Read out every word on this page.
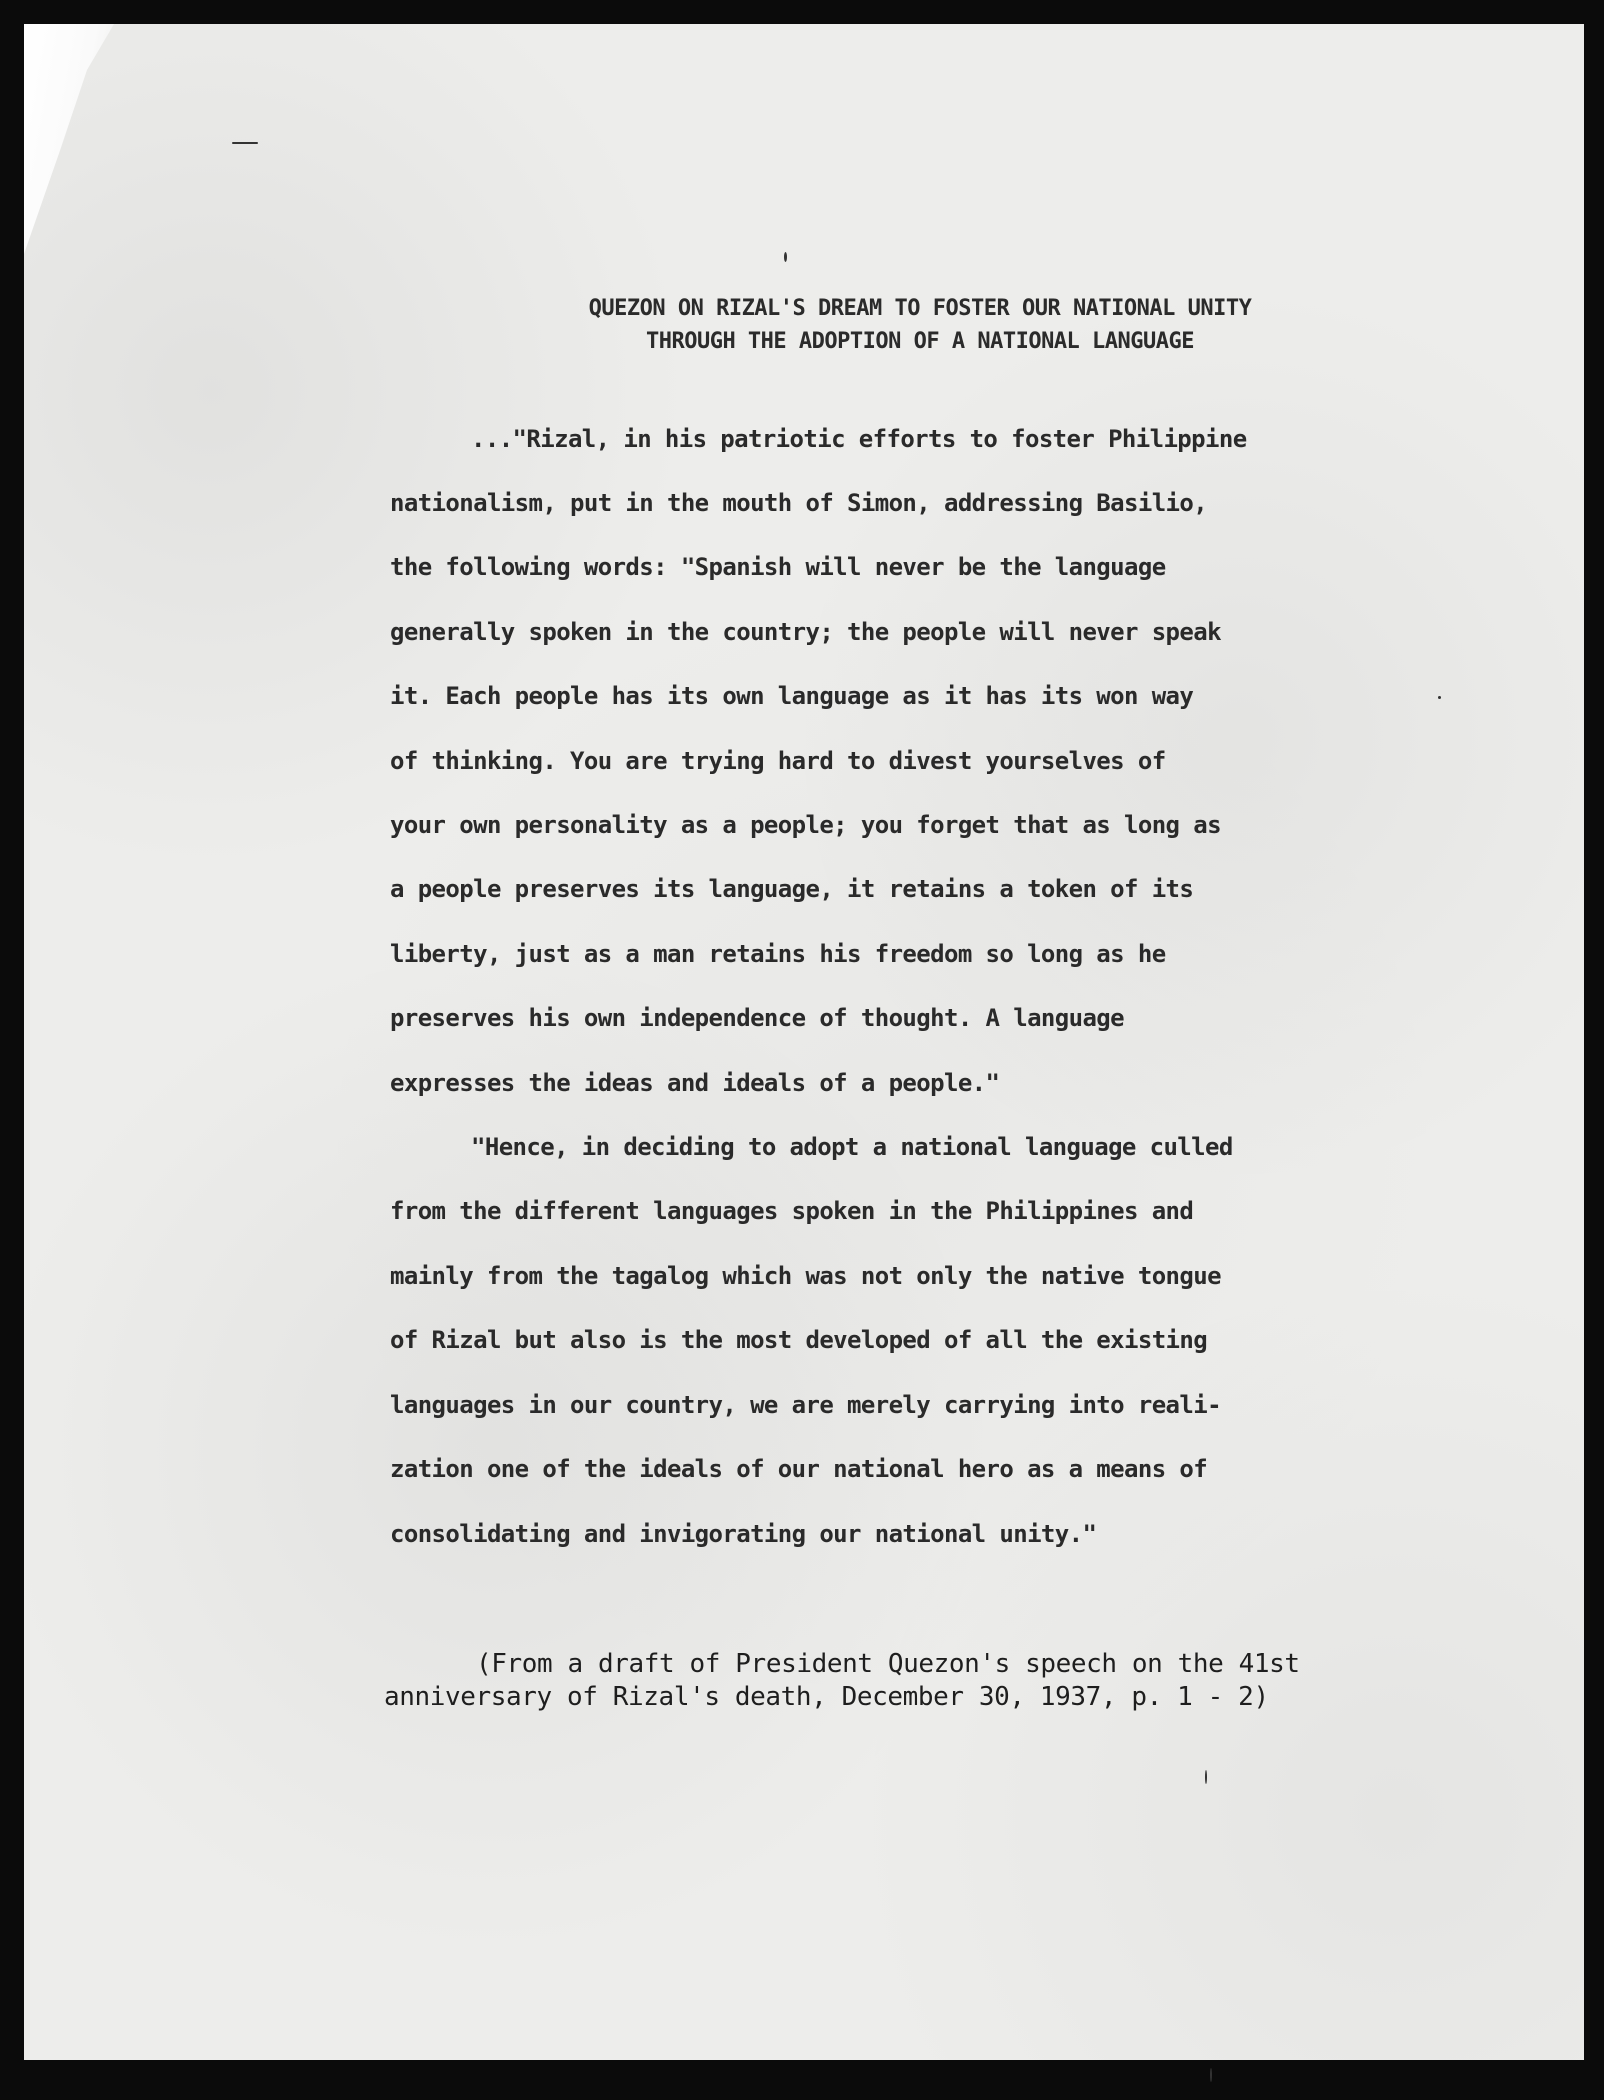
QUEZON ON RIZAL'S DREAM TO FOSTER OUR NATIONAL UNITY
THROUGH THE ADOPTION OF A NATIONAL LANGUAGE
..."Rizal, in his patriotic efforts to foster Philippine
nationalism, put in the mouth of Simon, addressing Basilio,
the following words: "Spanish will never be the language
generally spoken in the country; the people will never speak
it. Each people has its own language as it has its won way
of thinking. You are trying hard to divest yourselves of
your own personality as a people; you forget that as long as
a people preserves its language, it retains a token of its
liberty, just as a man retains his freedom so long as he
preserves his own independence of thought. A language
expresses the ideas and ideals of a people."
"Hence, in deciding to adopt a national language culled
from the different languages spoken in the Philippines and
mainly from the tagalog which was not only the native tongue
of Rizal but also is the most developed of all the existing
languages in our country, we are merely carrying into reali-
zation one of the ideals of our national hero as a means of
consolidating and invigorating our national unity."
(From a draft of President Quezon's speech on the 41st
anniversary of Rizal's death, December 30, 1937, p. 1 - 2)
